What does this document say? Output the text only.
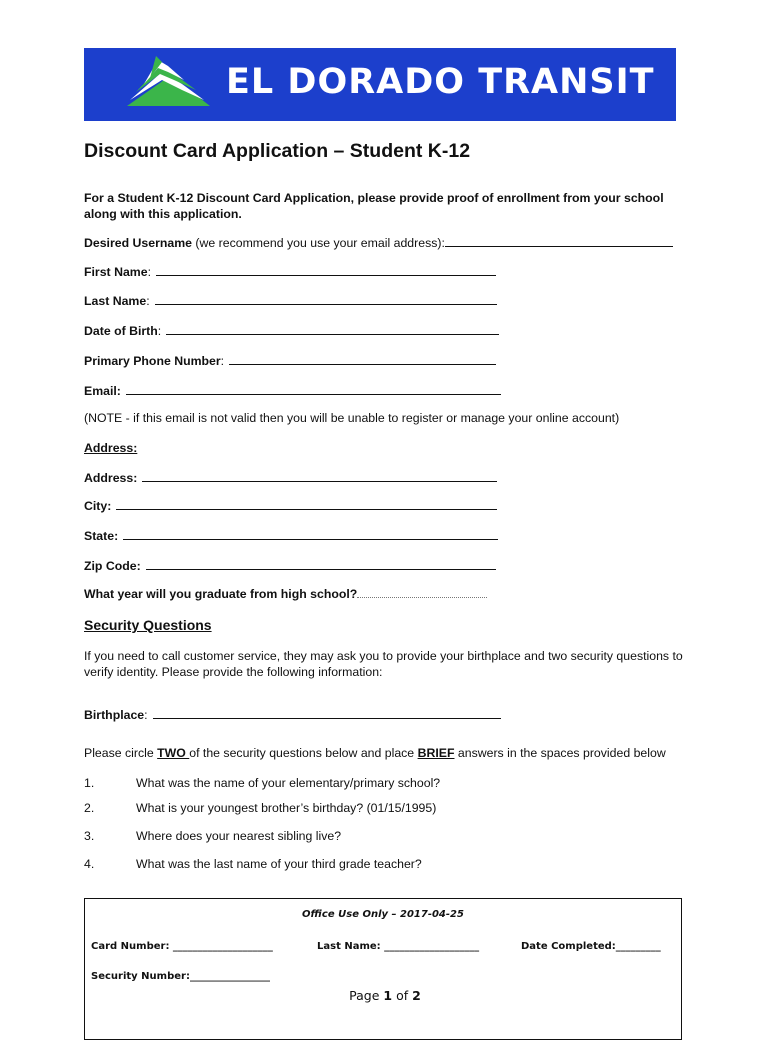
EL DORADO TRANSIT
Discount Card Application – Student K-12
For a Student K-12 Discount Card Application, please provide proof of enrollment from your school along with this application.
Desired Username (we recommend you use your email address):
First Name:
Last Name:
Date of Birth:
Primary Phone Number:
Email:
(NOTE - if this email is not valid then you will be unable to register or manage your online account)
Address:
Address:
City:
State:
Zip Code:
What year will you graduate from high school?
Security Questions
If you need to call customer service, they may ask you to provide your birthplace and two security questions to verify identity. Please provide the following information:
Birthplace:
Please circle TWO of the security questions below and place BRIEF answers in the spaces provided below
1.	What was the name of your elementary/primary school?
2.	What is your youngest brother’s birthday? (01/15/1995)
3.	Where does your nearest sibling live?
4.	What was the last name of your third grade teacher?
Office Use Only – 2017-04-25
Card Number: ____________________	Last Name: ___________________	Date Completed:_________
Security Number:________________
Page 1 of 2
